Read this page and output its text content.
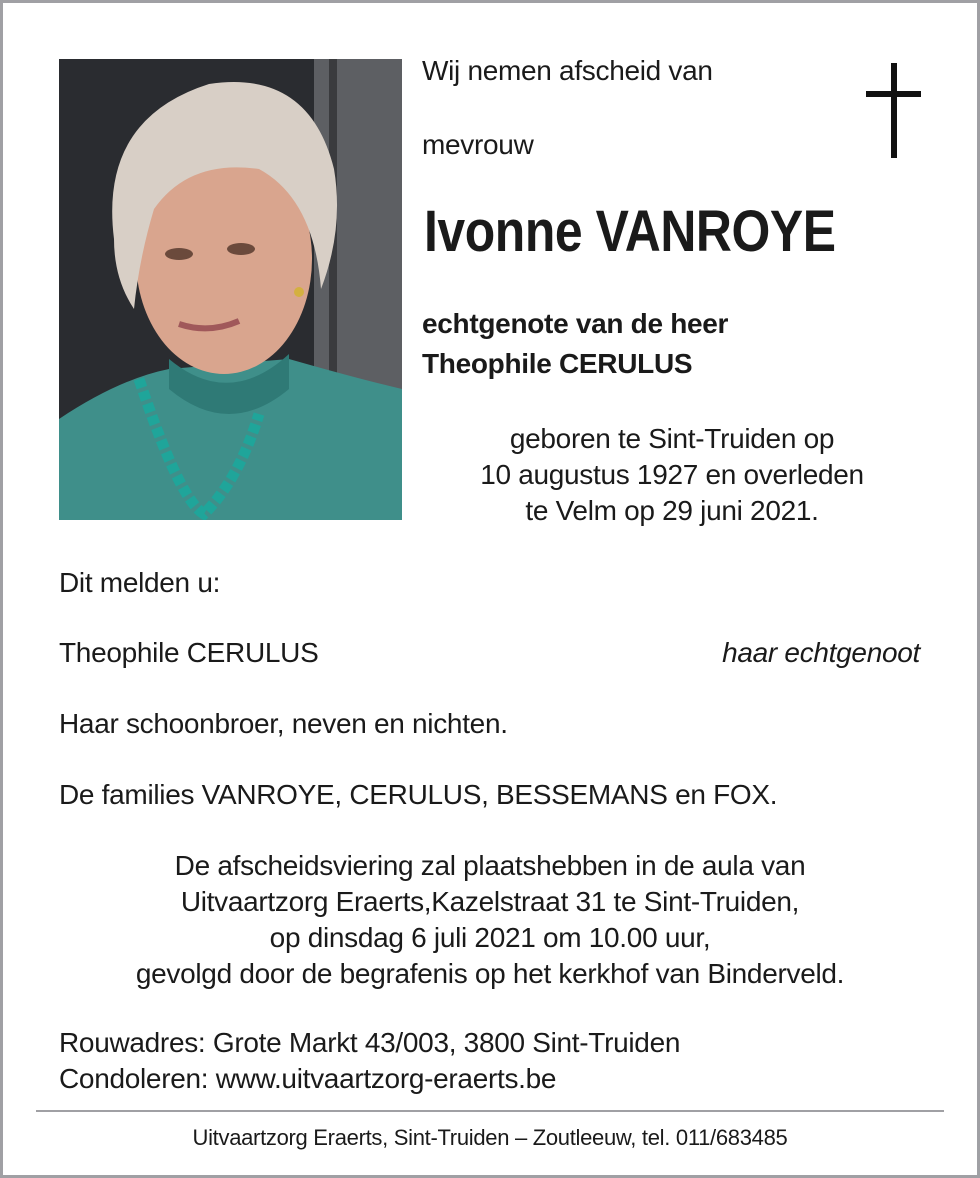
Wij nemen afscheid van
mevrouw
Ivonne VANROYE
echtgenote van de heer
Theophile CERULUS
geboren te Sint-Truiden op
10 augustus 1927 en overleden
te Velm op 29 juni 2021.
Dit melden u:
Theophile CERULUS	haar echtgenoot
Haar schoonbroer, neven en nichten.
De families VANROYE, CERULUS, BESSEMANS en FOX.
De afscheidsviering zal plaatshebben in de aula van
Uitvaartzorg Eraerts,Kazelstraat 31 te Sint-Truiden,
op dinsdag 6 juli 2021 om 10.00 uur,
gevolgd door de begrafenis op het kerkhof van Binderveld.
Rouwadres: Grote Markt 43/003, 3800 Sint-Truiden
Condoleren: www.uitvaartzorg-eraerts.be
Uitvaartzorg Eraerts, Sint-Truiden – Zoutleeuw, tel. 011/683485
